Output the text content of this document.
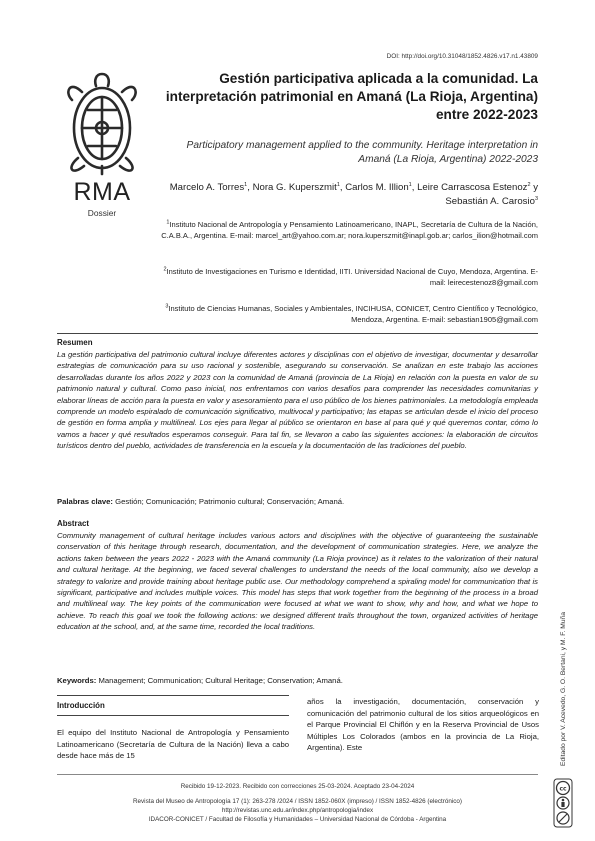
DOI: http://doi.org/10.31048/1852.4826.v17.n1.43809
RMA
Dossier
Gestión participativa aplicada a la comunidad. La interpretación patrimonial en Amaná (La Rioja, Argentina) entre 2022-2023
Participatory management applied to the community. Heritage interpretation in Amaná (La Rioja, Argentina) 2022-2023
Marcelo A. Torres$^1$, Nora G. Kuperszmit$^1$, Carlos M. Illion$^1$, Leire Carrascosa Estenoz$^2$ y Sebastián A. Carosio$^3$
$^1$Instituto Nacional de Antropología y Pensamiento Latinoamericano, INAPL, Secretaría de Cultura de la Nación, C.A.B.A., Argentina. E-mail: marcel_art@yahoo.com.ar; nora.kuperszmit@inapl.gob.ar; carlos_ilion@hotmail.com
$^2$Instituto de Investigaciones en Turismo e Identidad, IITI. Universidad Nacional de Cuyo, Mendoza, Argentina. E-mail: leirecestenoz8@gmail.com
$^3$Instituto de Ciencias Humanas, Sociales y Ambientales, INCIHUSA, CONICET, Centro Científico y Tecnológico, Mendoza, Argentina. E-mail: sebastian1905@gmail.com
Resumen
La gestión participativa del patrimonio cultural incluye diferentes actores y disciplinas con el objetivo de investigar, documentar y desarrollar estrategias de comunicación para su uso racional y sostenible, asegurando su conservación. Se analizan en este trabajo las acciones desarrolladas durante los años 2022 y 2023 con la comunidad de Amaná (provincia de La Rioja) en relación con la puesta en valor de su patrimonio natural y cultural. Como paso inicial, nos enfrentamos con varios desafíos para comprender las necesidades comunitarias y elaborar líneas de acción para la puesta en valor y asesoramiento para el uso público de los bienes patrimoniales. La metodología empleada comprende un modelo espiralado de comunicación significativo, multivocal y participativo; las etapas se articulan desde el inicio del proceso de gestión en forma amplia y multilineal. Los ejes para llegar al público se orientaron en base al para qué y qué queremos contar, cómo lo vamos a hacer y qué resultados esperamos conseguir. Para tal fin, se llevaron a cabo las siguientes acciones: la elaboración de circuitos turísticos dentro del pueblo, actividades de transferencia en la escuela y la documentación de las tradiciones del pueblo.
Palabras clave: Gestión; Comunicación; Patrimonio cultural; Conservación; Amaná.
Abstract
Community management of cultural heritage includes various actors and disciplines with the objective of guaranteeing the sustainable conservation of this heritage through research, documentation, and the development of communication strategies. Here, we analyze the actions taken between the years 2022 - 2023 with the Amaná community (La Rioja province) as it relates to the valorization of their natural and cultural heritage. At the beginning, we faced several challenges to understand the needs of the local community, also we develop a strategy to valorize and provide training about heritage public use. Our methodology comprehend a spiraling model for communication that is significant, participative and includes multiple voices. This model has steps that work together from the beginning of the process in a broad and multilineal way. The key points of the communication were focused at what we want to show, why and how, and what we hope to achieve. To reach this goal we took the following actions: we designed different trails throughout the town, organized activities of heritage education at the school, and, at the same time, recorded the local traditions.
Keywords: Management; Communication; Cultural Heritage; Conservation; Amaná.
Introducción
El equipo del Instituto Nacional de Antropología y Pensamiento Latinoamericano (Secretaría de Cultura de la Nación) lleva a cabo desde hace más de 15
años la investigación, documentación, conservación y comunicación del patrimonio cultural de los sitios arqueológicos en el Parque Provincial El Chiflón y en la Reserva Provincial de Usos Múltiples Los Colorados (ambos en la provincia de La Rioja, Argentina). Este	Editado por V. Acevedo, G. O. Bertani, y M. F. Muña
Recibido 19-12-2023. Recibido con correcciones 25-03-2024. Aceptado 23-04-2024
Revista del Museo de Antropología 17 (1): 263-278 /2024 / ISSN 1852-060X (impreso) / ISSN 1852-4826 (electrónico)
http://revistas.unc.edu.ar/index.php/antropologia/index
IDACOR-CONICET / Facultad de Filosofía y Humanidades – Universidad Nacional de Córdoba - Argentina
cc
